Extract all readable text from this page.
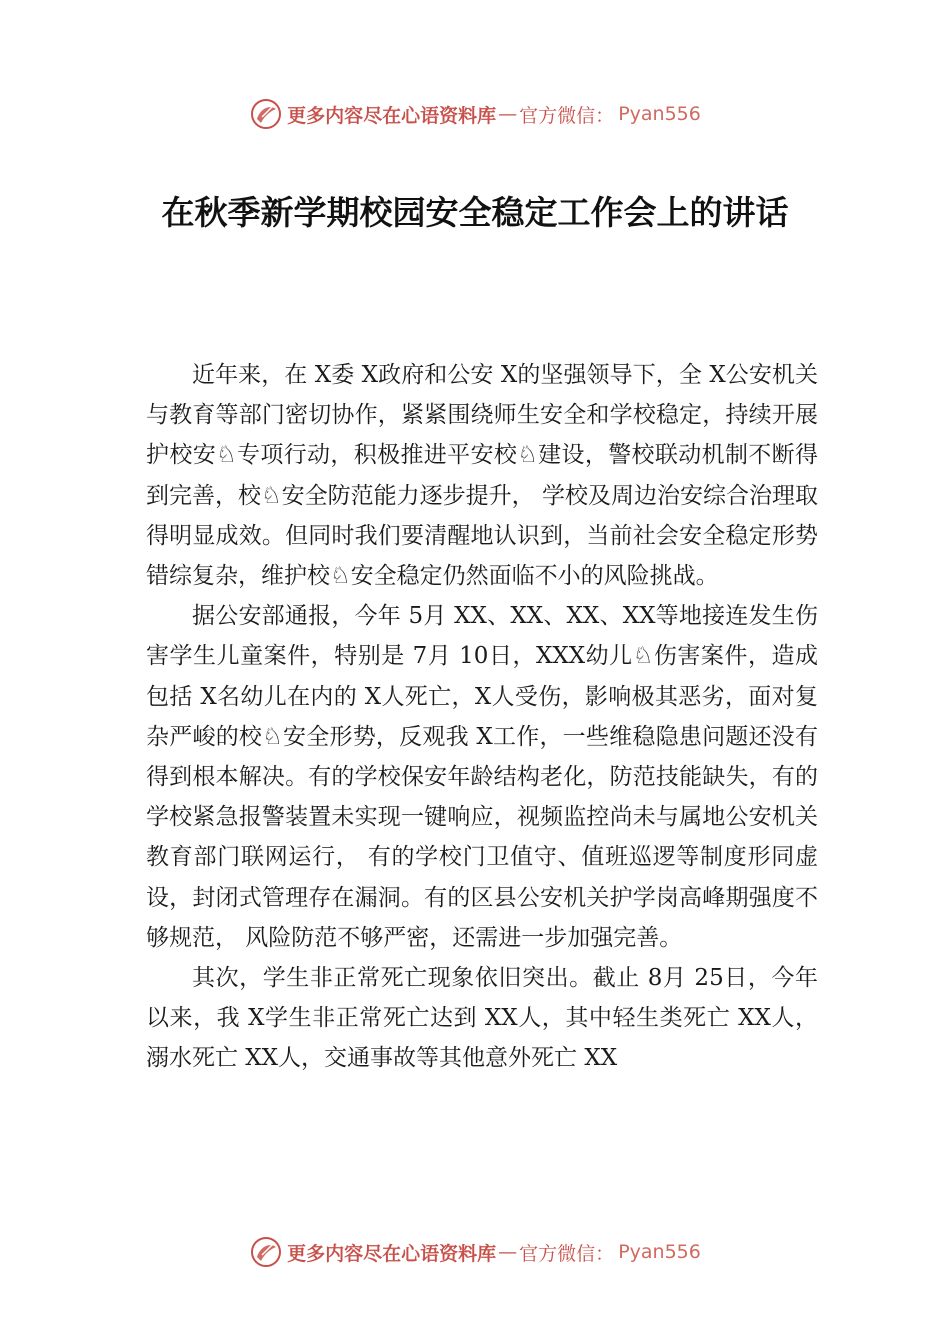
更多内容尽在心语资料库 — 官方微信： Pyan556
在秋季新学期校园安全稳定工作会上的讲话

近年来，在 X委 X政府和公安 X的坚强领导下，全 X公安机关与教育等部门密切协作，紧紧围绕师生安全和学校稳定，持续开展护校安♘专项行动，积极推进平安校♘建设，警校联动机制不断得到完善，校♘安全防范能力逐步提升， 学校及周边治安综合治理取得明显成效。但同时我们要清醒地认识到，当前社会安全稳定形势错综复杂，维护校♘安全稳定仍然面临不小的风险挑战。

据公安部通报，今年 5月 XX、XX、XX、XX等地接连发生伤害学生儿童案件，特别是 7月 10日，XXX幼儿♘伤害案件，造成包括 X名幼儿在内的 X人死亡，X人受伤，影响极其恶劣，面对复杂严峻的校♘安全形势，反观我 X工作，一些维稳隐患问题还没有得到根本解决。有的学校保安年龄结构老化，防范技能缺失，有的学校紧急报警装置未实现一键响应，视频监控尚未与属地公安机关教育部门联网运行， 有的学校门卫值守、值班巡逻等制度形同虚设，封闭式管理存在漏洞。有的区县公安机关护学岗高峰期强度不够规范， 风险防范不够严密，还需进一步加强完善。

其次，学生非正常死亡现象依旧突出。截止 8月 25日，今年以来，我 X学生非正常死亡达到 XX人，其中轻生类死亡 XX人，溺水死亡 XX人，交通事故等其他意外死亡 XX

更多内容尽在心语资料库 — 官方微信： Pyan556
